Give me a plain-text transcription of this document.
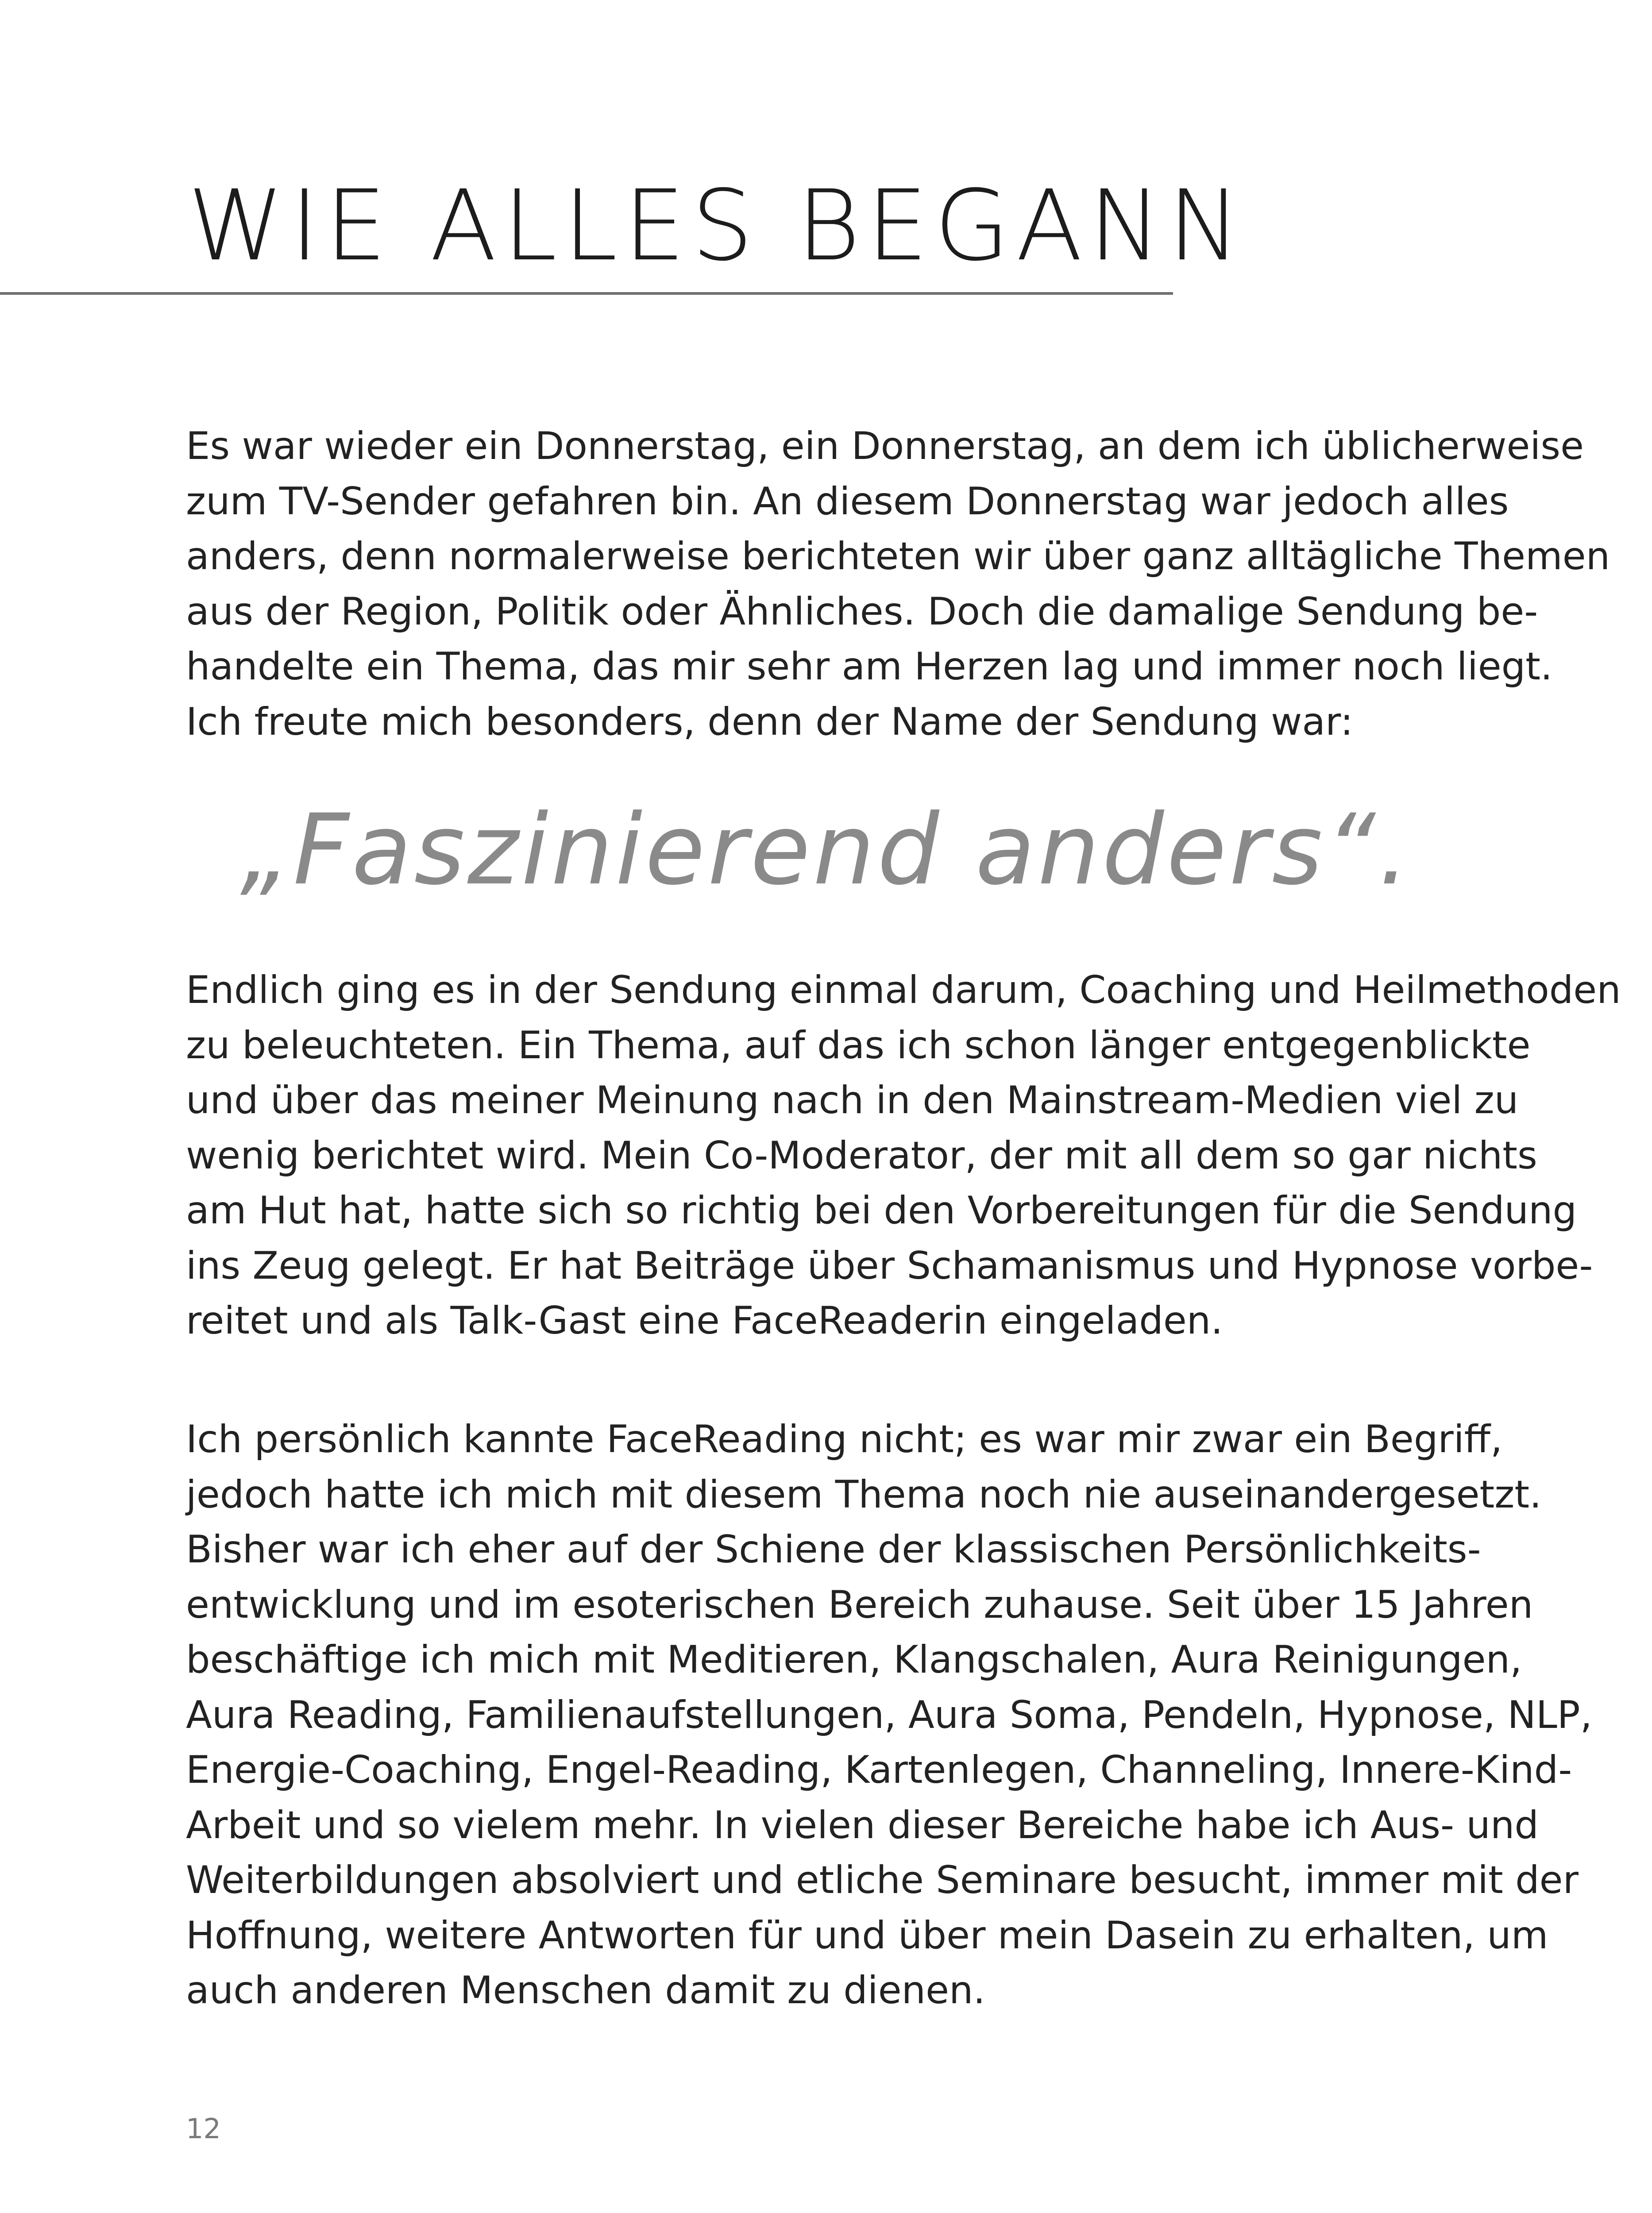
WIE ALLES BEGANN

Es war wieder ein Donnerstag, ein Donnerstag, an dem ich üblicherweise
zum TV-Sender gefahren bin. An diesem Donnerstag war jedoch alles
anders, denn normalerweise berichteten wir über ganz alltägliche Themen
aus der Region, Politik oder Ähnliches. Doch die damalige Sendung be-
handelte ein Thema, das mir sehr am Herzen lag und immer noch liegt.
Ich freute mich besonders, denn der Name der Sendung war:

„Faszinierend anders“.

Endlich ging es in der Sendung einmal darum, Coaching und Heilmethoden
zu beleuchteten. Ein Thema, auf das ich schon länger entgegenblickte
und über das meiner Meinung nach in den Mainstream-Medien viel zu
wenig berichtet wird. Mein Co-Moderator, der mit all dem so gar nichts
am Hut hat, hatte sich so richtig bei den Vorbereitungen für die Sendung
ins Zeug gelegt. Er hat Beiträge über Schamanismus und Hypnose vorbe-
reitet und als Talk-Gast eine FaceReaderin eingeladen.

Ich persönlich kannte FaceReading nicht; es war mir zwar ein Begriff,
jedoch hatte ich mich mit diesem Thema noch nie auseinandergesetzt.
Bisher war ich eher auf der Schiene der klassischen Persönlichkeits-
entwicklung und im esoterischen Bereich zuhause. Seit über 15 Jahren
beschäftige ich mich mit Meditieren, Klangschalen, Aura Reinigungen,
Aura Reading, Familienaufstellungen, Aura Soma, Pendeln, Hypnose, NLP,
Energie-Coaching, Engel-Reading, Kartenlegen, Channeling, Innere-Kind-
Arbeit und so vielem mehr. In vielen dieser Bereiche habe ich Aus- und
Weiterbildungen absolviert und etliche Seminare besucht, immer mit der
Hoffnung, weitere Antworten für und über mein Dasein zu erhalten, um
auch anderen Menschen damit zu dienen.

12
